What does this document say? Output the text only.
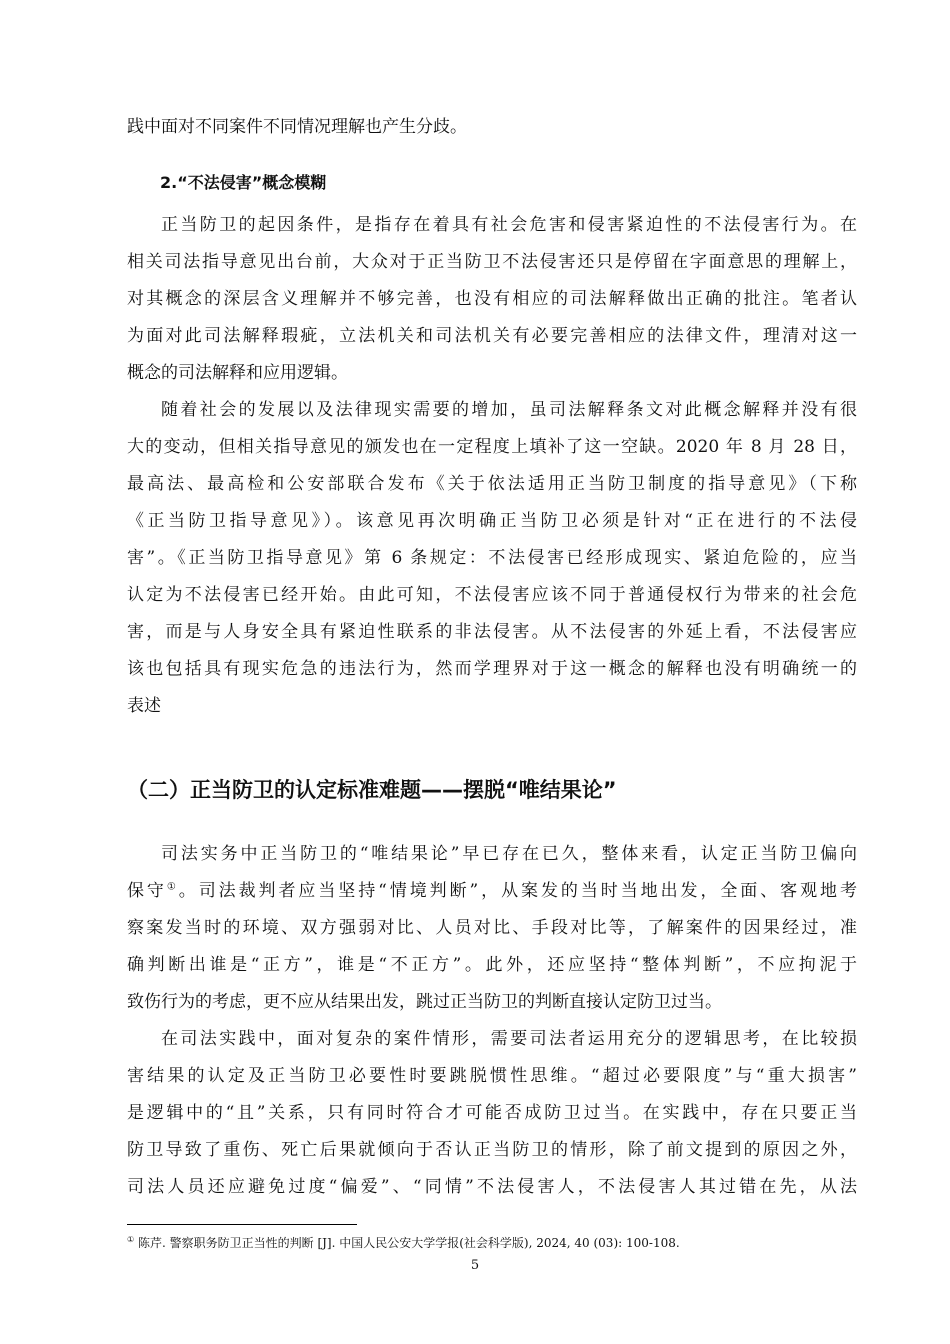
践中面对不同案件不同情况理解也产生分歧。
2.“不法侵害”概念模糊
正当防卫的起因条件，是指存在着具有社会危害和侵害紧迫性的不法侵害行为。在
相关司法指导意见出台前，大众对于正当防卫不法侵害还只是停留在字面意思的理解上，
对其概念的深层含义理解并不够完善，也没有相应的司法解释做出正确的批注。笔者认
为面对此司法解释瑕疵，立法机关和司法机关有必要完善相应的法律文件，理清对这一
概念的司法解释和应用逻辑。
随着社会的发展以及法律现实需要的增加，虽司法解释条文对此概念解释并没有很
大的变动，但相关指导意见的颁发也在一定程度上填补了这一空缺。2020 年 8 月 28 日，
最高法、最高检和公安部联合发布《关于依法适用正当防卫制度的指导意见》（下称
《正当防卫指导意见》）。该意见再次明确正当防卫必须是针对“正在进行的不法侵
害”。《正当防卫指导意见》第 6 条规定：不法侵害已经形成现实、紧迫危险的，应当
认定为不法侵害已经开始。由此可知，不法侵害应该不同于普通侵权行为带来的社会危
害，而是与人身安全具有紧迫性联系的非法侵害。从不法侵害的外延上看，不法侵害应
该也包括具有现实危急的违法行为，然而学理界对于这一概念的解释也没有明确统一的
表述
（二）正当防卫的认定标准难题——摆脱“唯结果论”
司法实务中正当防卫的“唯结果论”早已存在已久，整体来看，认定正当防卫偏向
保守①。司法裁判者应当坚持“情境判断”，从案发的当时当地出发，全面、客观地考
察案发当时的环境、双方强弱对比、人员对比、手段对比等，了解案件的因果经过，准
确判断出谁是“正方”，谁是“不正方”。此外，还应坚持“整体判断”，不应拘泥于
致伤行为的考虑，更不应从结果出发，跳过正当防卫的判断直接认定防卫过当。
在司法实践中，面对复杂的案件情形，需要司法者运用充分的逻辑思考，在比较损
害结果的认定及正当防卫必要性时要跳脱惯性思维。“超过必要限度”与“重大损害”
是逻辑中的“且”关系，只有同时符合才可能否成防卫过当。在实践中，存在只要正当
防卫导致了重伤、死亡后果就倾向于否认正当防卫的情形，除了前文提到的原因之外，
司法人员还应避免过度“偏爱”、“同情”不法侵害人，不法侵害人其过错在先，从法
① 陈芹. 警察职务防卫正当性的判断 [J]. 中国人民公安大学学报(社会科学版), 2024, 40 (03): 100-108.
5
